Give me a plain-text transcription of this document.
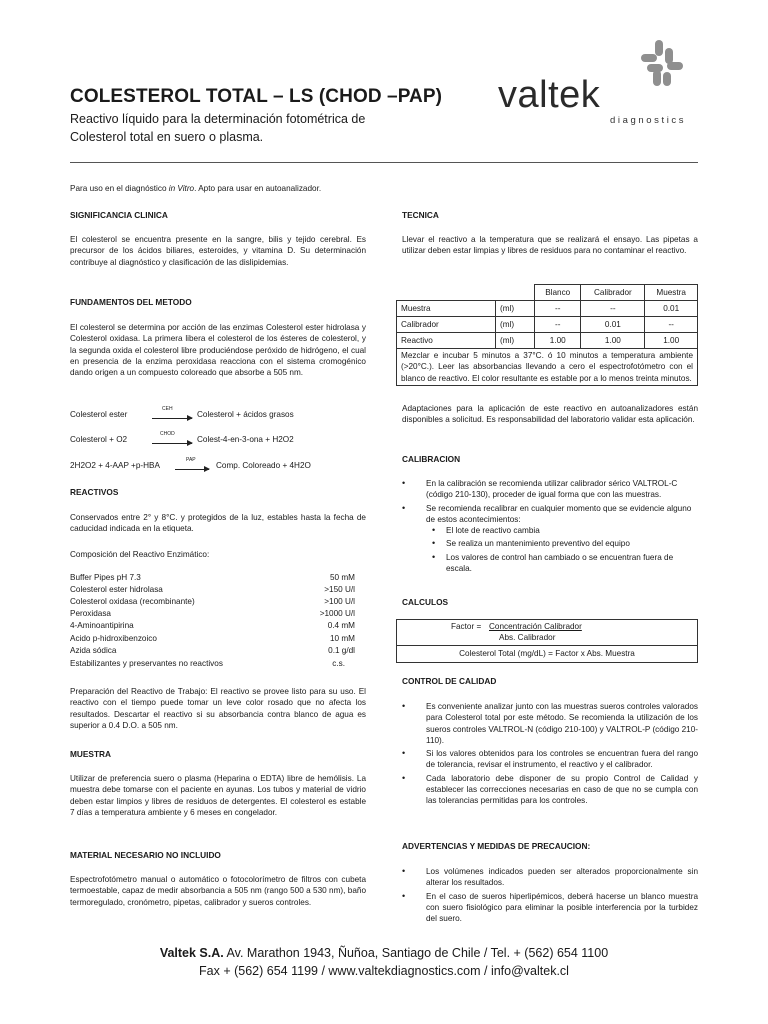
COLESTEROL TOTAL – LS (CHOD –PAP)
Reactivo líquido para la determinación fotométrica de
Colesterol total en suero o plasma.
valtek
diagnostics
Para uso en el diagnóstico in Vitro. Apto para usar en autoanalizador.
SIGNIFICANCIA CLINICA
El colesterol se encuentra presente en la sangre, bilis y tejido cerebral. Es precursor de los ácidos biliares, esteroides, y vitamina D. Su determinación contribuye al diagnóstico y clasificación de las dislipidemias.
FUNDAMENTOS DEL METODO
El colesterol se determina por acción de las enzimas Colesterol ester hidrolasa y Colesterol oxidasa. La primera libera el colesterol de los ésteres de colesterol, y la segunda oxida el colesterol libre produciéndose peróxido de hidrógeno, el cual en presencia de la enzima peroxidasa reacciona con el sistema cromogénico dando origen a un compuesto coloreado que absorbe a 505 nm.
Colesterol ester
CEH
→ Colesterol + ácidos grasos
Colesterol + O2
CHOD
→ Colest-4-en-3-ona + H2O2
2H2O2 + 4-AAP +p-HBA
PAP
→ Comp. Coloreado + 4H2O
REACTIVOS
Conservados entre 2° y 8°C. y protegidos de la luz, estables hasta la fecha de caducidad indicada en la etiqueta.
Composición del Reactivo Enzimático:
Buffer Pipes pH 7.3	50 mM
Colesterol ester hidrolasa	>150 U/l
Colesterol oxidasa (recombinante)	>100 U/l
Peroxidasa	>1000 U/l
4-Aminoantipirina	0.4 mM
Acido p-hidroxibenzoico	10 mM
Azida sódica	0.1 g/dl
Estabilizantes y preservantes no reactivos	c.s.
Preparación del Reactivo de Trabajo: El reactivo se provee listo para su uso. El reactivo con el tiempo puede tomar un leve color rosado que no afecta los resultados. Descartar el reactivo si su absorbancia contra blanco de agua es superior a 0.4 D.O. a 505 nm.
MUESTRA
Utilizar de preferencia suero o plasma (Heparina o EDTA) libre de hemólisis. La muestra debe tomarse con el paciente en ayunas. Los tubos y material de vidrio deben estar limpios y libres de residuos de detergentes. El colesterol es estable 7 días a temperatura ambiente y 6 meses en congelador.
MATERIAL NECESARIO NO INCLUIDO
Espectrofotómetro manual o automático o fotocolorímetro de filtros con cubeta termoestable, capaz de medir absorbancia a 505 nm (rango 500 a 530 nm), baño termoregulado, cronómetro, pipetas, calibrador y sueros controles.
TECNICA
Llevar el reactivo a la temperatura que se realizará el ensayo. Las pipetas a utilizar deben estar limpias y libres de residuos para no contaminar el reactivo.
		Blanco	Calibrador	Muestra
Muestra	(ml)	--	--	0.01
Calibrador	(ml)	--	0.01	--
Reactivo	(ml)	1.00	1.00	1.00
Mezclar e incubar 5 minutos a 37°C. ó 10 minutos a temperatura ambiente (>20°C.). Leer las absorbancias llevando a cero el espectrofotómetro con el blanco de reactivo. El color resultante es estable por a lo menos treinta minutos.				
Adaptaciones para la aplicación de este reactivo en autoanalizadores están disponibles a solicitud. Es responsabilidad del laboratorio validar esta aplicación.
CALIBRACION
• En la calibración se recomienda utilizar calibrador sérico VALTROL-C (código 210-130), proceder de igual forma que con las muestras.
• Se recomienda recalibrar en cualquier momento que se evidencie alguno de estos acontecimientos:
• El lote de reactivo cambia
• Se realiza un mantenimiento preventivo del equipo
• Los valores de control han cambiado o se encuentran fuera de escala.
CALCULOS
Factor = Concentración Calibrador
Abs. Calibrador
Colesterol Total (mg/dL) = Factor x Abs. Muestra
CONTROL DE CALIDAD
• Es conveniente analizar junto con las muestras sueros controles valorados para Colesterol total por este método. Se recomienda la utilización de los sueros controles VALTROL-N (código 210-100) y VALTROL-P (código 210-110).
• Si los valores obtenidos para los controles se encuentran fuera del rango de tolerancia, revisar el instrumento, el reactivo y el calibrador.
• Cada laboratorio debe disponer de su propio Control de Calidad y establecer las correcciones necesarias en caso de que no se cumpla con las tolerancias permitidas para los controles.
ADVERTENCIAS Y MEDIDAS DE PRECAUCION:
• Los volúmenes indicados pueden ser alterados proporcionalmente sin alterar los resultados.
• En el caso de sueros hiperlipémicos, deberá hacerse un blanco muestra con suero fisiológico para eliminar la posible interferencia por la turbidez del suero.
Valtek S.A. Av. Marathon 1943, Ñuñoa, Santiago de Chile / Tel. + (562) 654 1100
Fax + (562) 654 1199 / www.valtekdiagnostics.com / info@valtek.cl
